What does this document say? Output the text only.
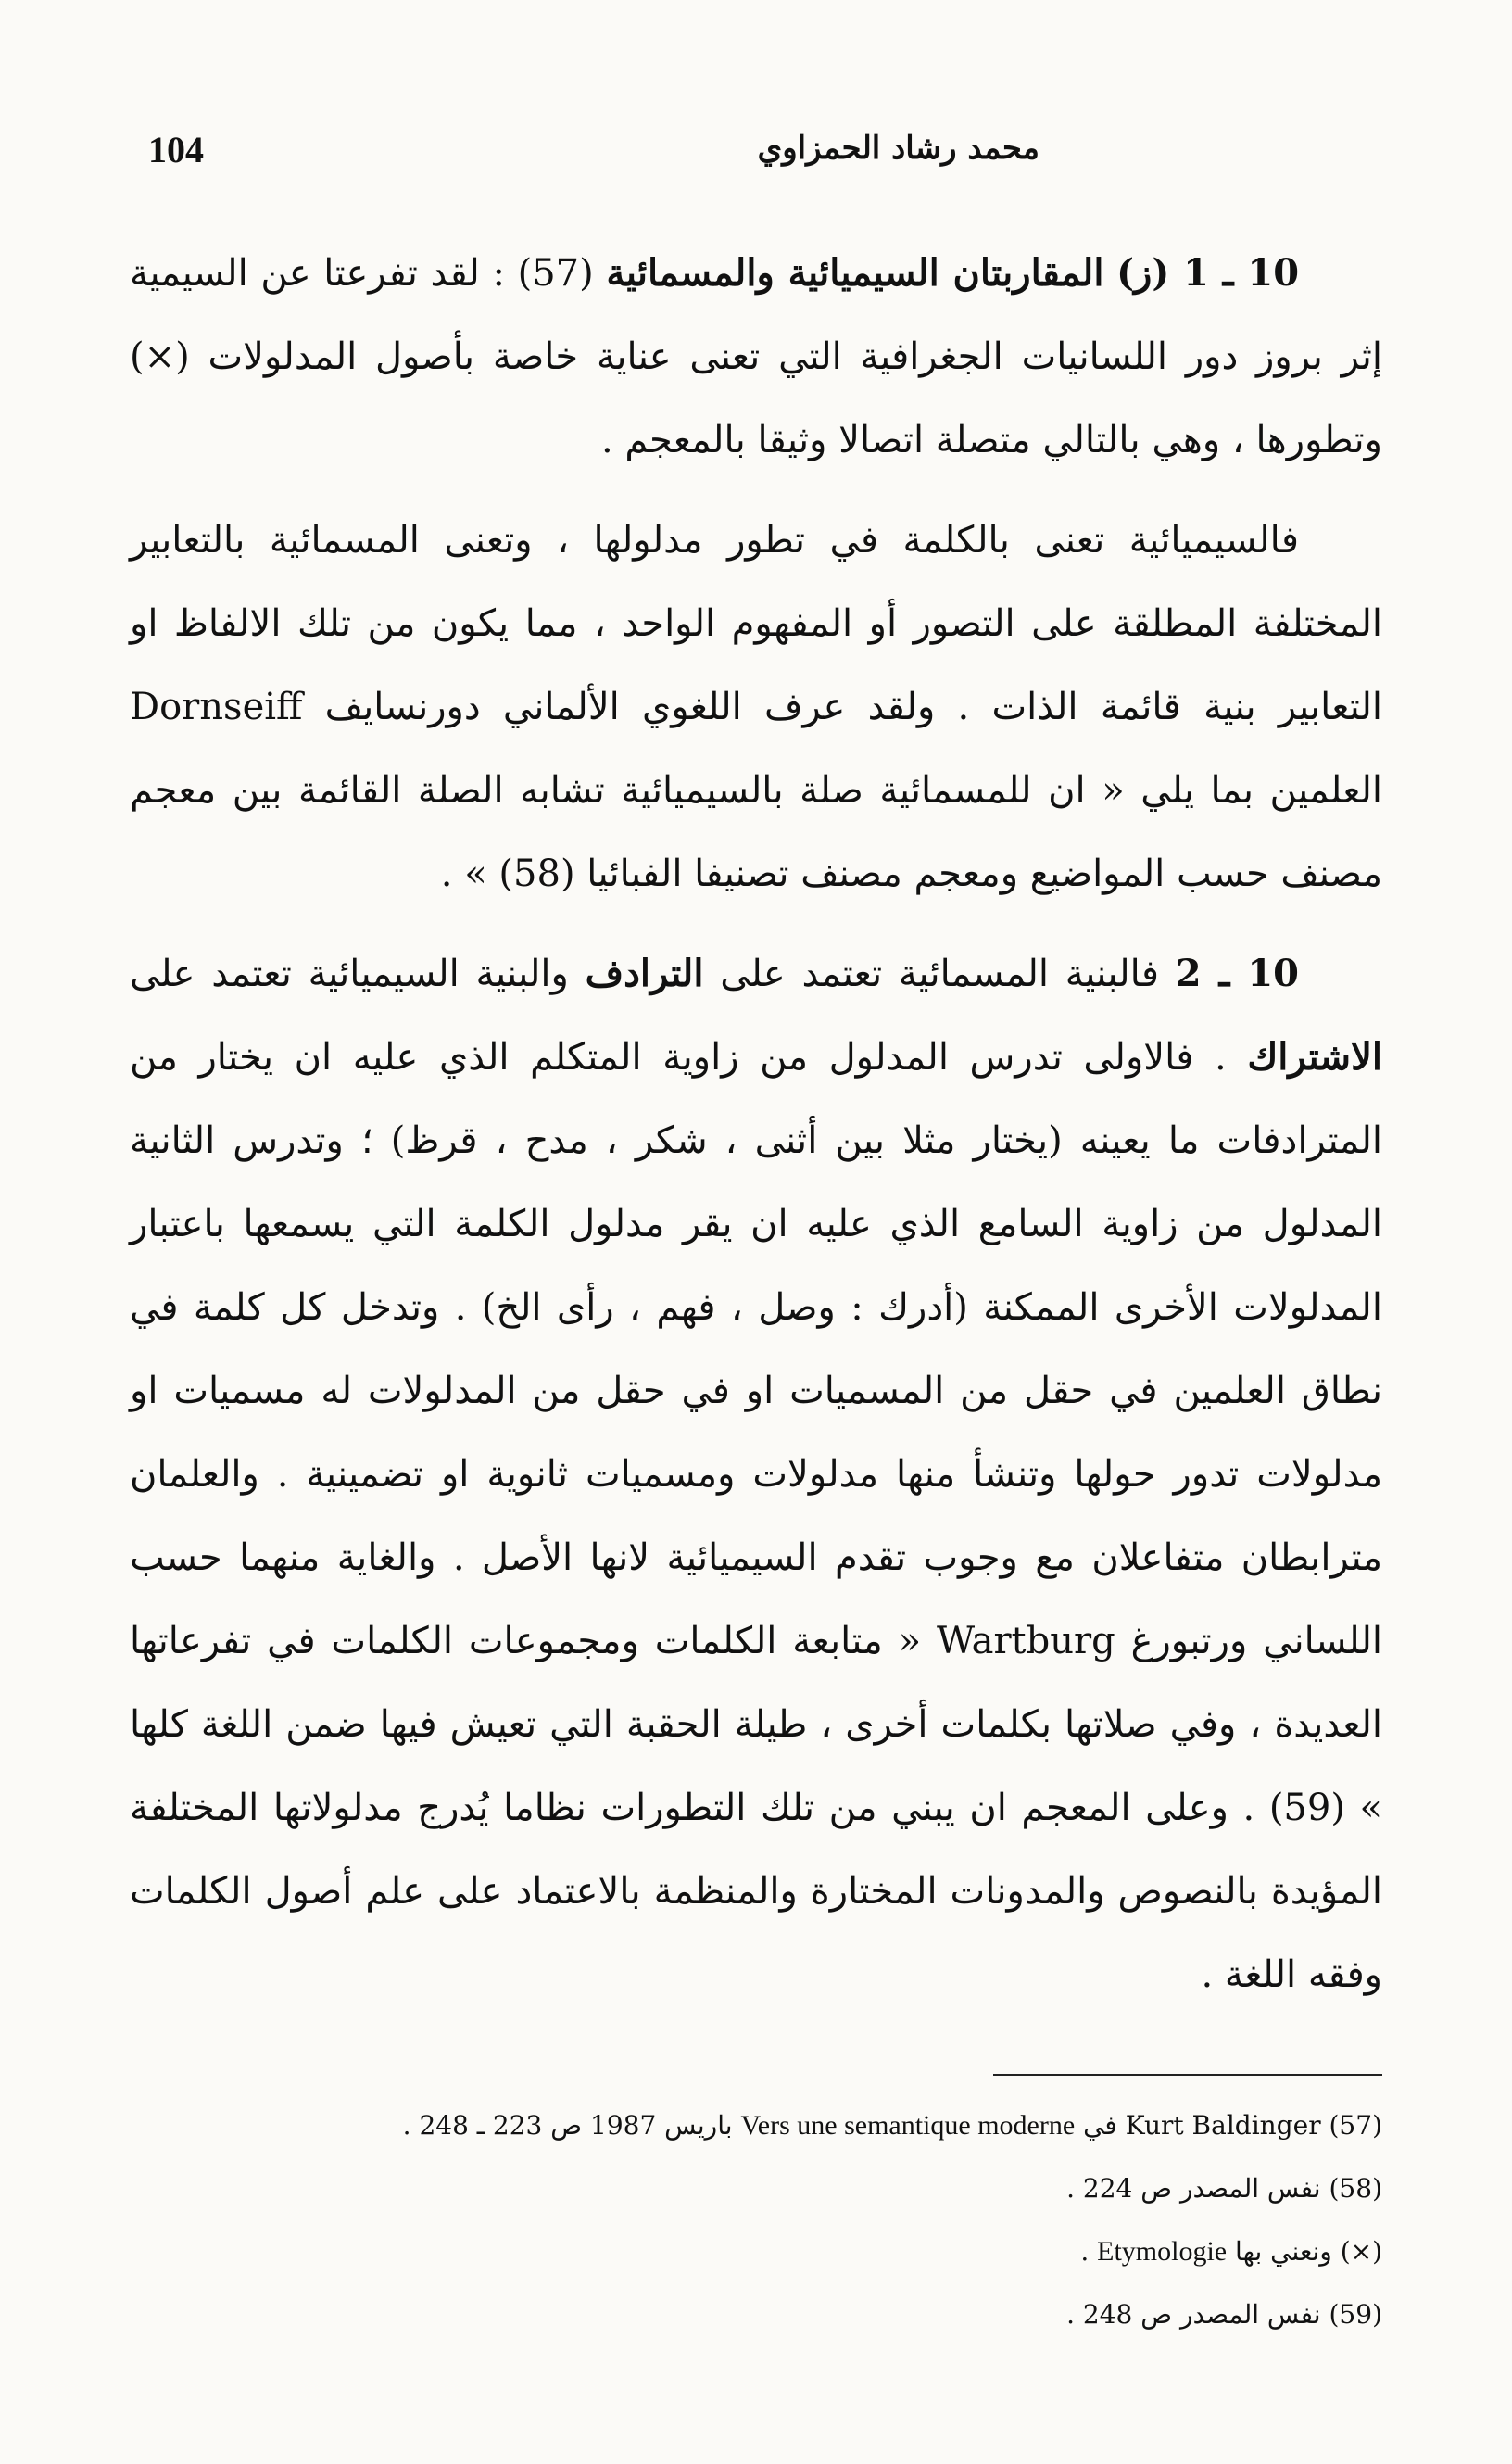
104	محمد رشاد الحمزاوي

10 ـ 1 (ز) المقاربتان السيميائية والمسمائية (57) : لقد تفرعتا عن السيمية إثر بروز دور اللسانيات الجغرافية التي تعنى عناية خاصة بأصول المدلولات (×) وتطورها ، وهي بالتالي متصلة اتصالا وثيقا بالمعجم .

فالسيميائية تعنى بالكلمة في تطور مدلولها ، وتعنى المسمائية بالتعابير المختلفة المطلقة على التصور أو المفهوم الواحد ، مما يكون من تلك الالفاظ او التعابير بنية قائمة الذات . ولقد عرف اللغوي الألماني دورنسايف Dornseiff العلمين بما يلي « ان للمسمائية صلة بالسيميائية تشابه الصلة القائمة بين معجم مصنف حسب المواضيع ومعجم مصنف تصنيفا الفبائيا (58) » .

10 ـ 2 فالبنية المسمائية تعتمد على الترادف والبنية السيميائية تعتمد على الاشتراك . فالاولى تدرس المدلول من زاوية المتكلم الذي عليه ان يختار من المترادفات ما يعينه (يختار مثلا بين أثنى ، شكر ، مدح ، قرظ) ؛ وتدرس الثانية المدلول من زاوية السامع الذي عليه ان يقر مدلول الكلمة التي يسمعها باعتبار المدلولات الأخرى الممكنة (أدرك : وصل ، فهم ، رأى الخ) . وتدخل كل كلمة في نطاق العلمين في حقل من المسميات او في حقل من المدلولات له مسميات او مدلولات تدور حولها وتنشأ منها مدلولات ومسميات ثانوية او تضمينية . والعلمان مترابطان متفاعلان مع وجوب تقدم السيميائية لانها الأصل . والغاية منهما حسب اللساني ورتبورغ Wartburg « متابعة الكلمات ومجموعات الكلمات في تفرعاتها العديدة ، وفي صلاتها بكلمات أخرى ، طيلة الحقبة التي تعيش فيها ضمن اللغة كلها » (59) . وعلى المعجم ان يبني من تلك التطورات نظاما يُدرج مدلولاتها المختلفة المؤيدة بالنصوص والمدونات المختارة والمنظمة بالاعتماد على علم أصول الكلمات وفقه اللغة .

(57) Kurt Baldinger في Vers une semantique moderne باريس 1987 ص 223 ـ 248 .
(58) نفس المصدر ص 224 .
(×) ونعني بها Etymologie .
(59) نفس المصدر ص 248 .
